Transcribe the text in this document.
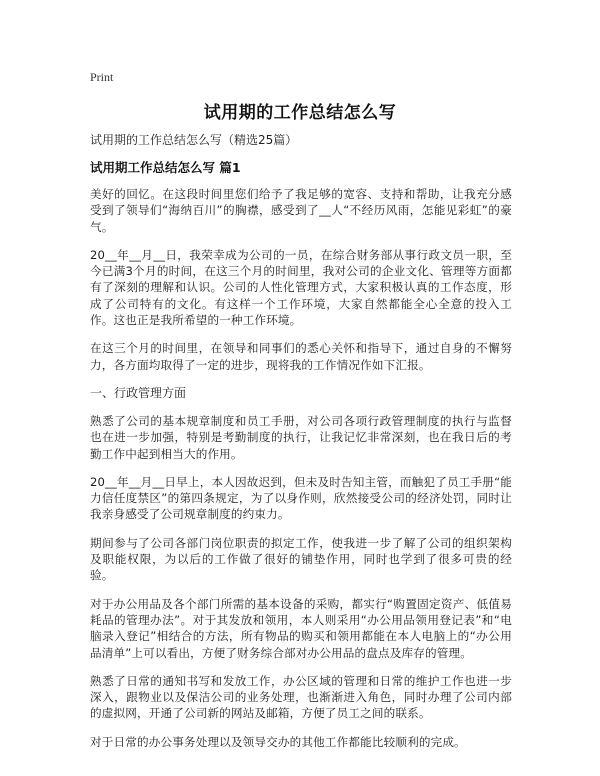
Print
试用期的工作总结怎么写

试用期的工作总结怎么写（精选25篇）

试用期工作总结怎么写 篇1

美好的回忆。在这段时间里您们给予了我足够的宽容、支持和帮助，让我充分感受到了领导们“海纳百川”的胸襟，感受到了__人“不经历风雨，怎能见彩虹”的豪气。

20__年__月__日，我荣幸成为公司的一员，在综合财务部从事行政文员一职，至今已满3个月的时间，在这三个月的时间里，我对公司的企业文化、管理等方面都有了深刻的理解和认识。公司的人性化管理方式，大家积极认真的工作态度，形成了公司特有的文化。有这样一个工作环境，大家自然都能全心全意的投入工作。这也正是我所希望的一种工作环境。

在这三个月的时间里，在领导和同事们的悉心关怀和指导下，通过自身的不懈努力，各方面均取得了一定的进步，现将我的工作情况作如下汇报。

一、行政管理方面

熟悉了公司的基本规章制度和员工手册，对公司各项行政管理制度的执行与监督也在进一步加强，特别是考勤制度的执行，让我记忆非常深刻，也在我日后的考勤工作中起到相当大的作用。

20__年__月__日早上，本人因故迟到，但未及时告知主管，而触犯了员工手册“能力信任度禁区”的第四条规定，为了以身作则，欣然接受公司的经济处罚，同时让我亲身感受了公司规章制度的约束力。

期间参与了公司各部门岗位职责的拟定工作，使我进一步了解了公司的组织架构及职能权限，为以后的工作做了很好的铺垫作用，同时也学到了很多可贵的经验。

对于办公用品及各个部门所需的基本设备的采购，都实行“购置固定资产、低值易耗品的管理办法”。对于其发放和领用，本人则采用“办公用品领用登记表”和“电脑录入登记”相结合的方法，所有物品的购买和领用都能在本人电脑上的“办公用品清单”上可以看出，方便了财务综合部对办公用品的盘点及库存的管理。

熟悉了日常的通知书写和发放工作，办公区域的管理和日常的维护工作也进一步深入，跟物业以及保洁公司的业务处理，也渐渐进入角色，同时办理了公司内部的虚拟网，开通了公司新的网站及邮箱，方便了员工之间的联系。

对于日常的办公事务处理以及领导交办的其他工作都能比较顺利的完成。
